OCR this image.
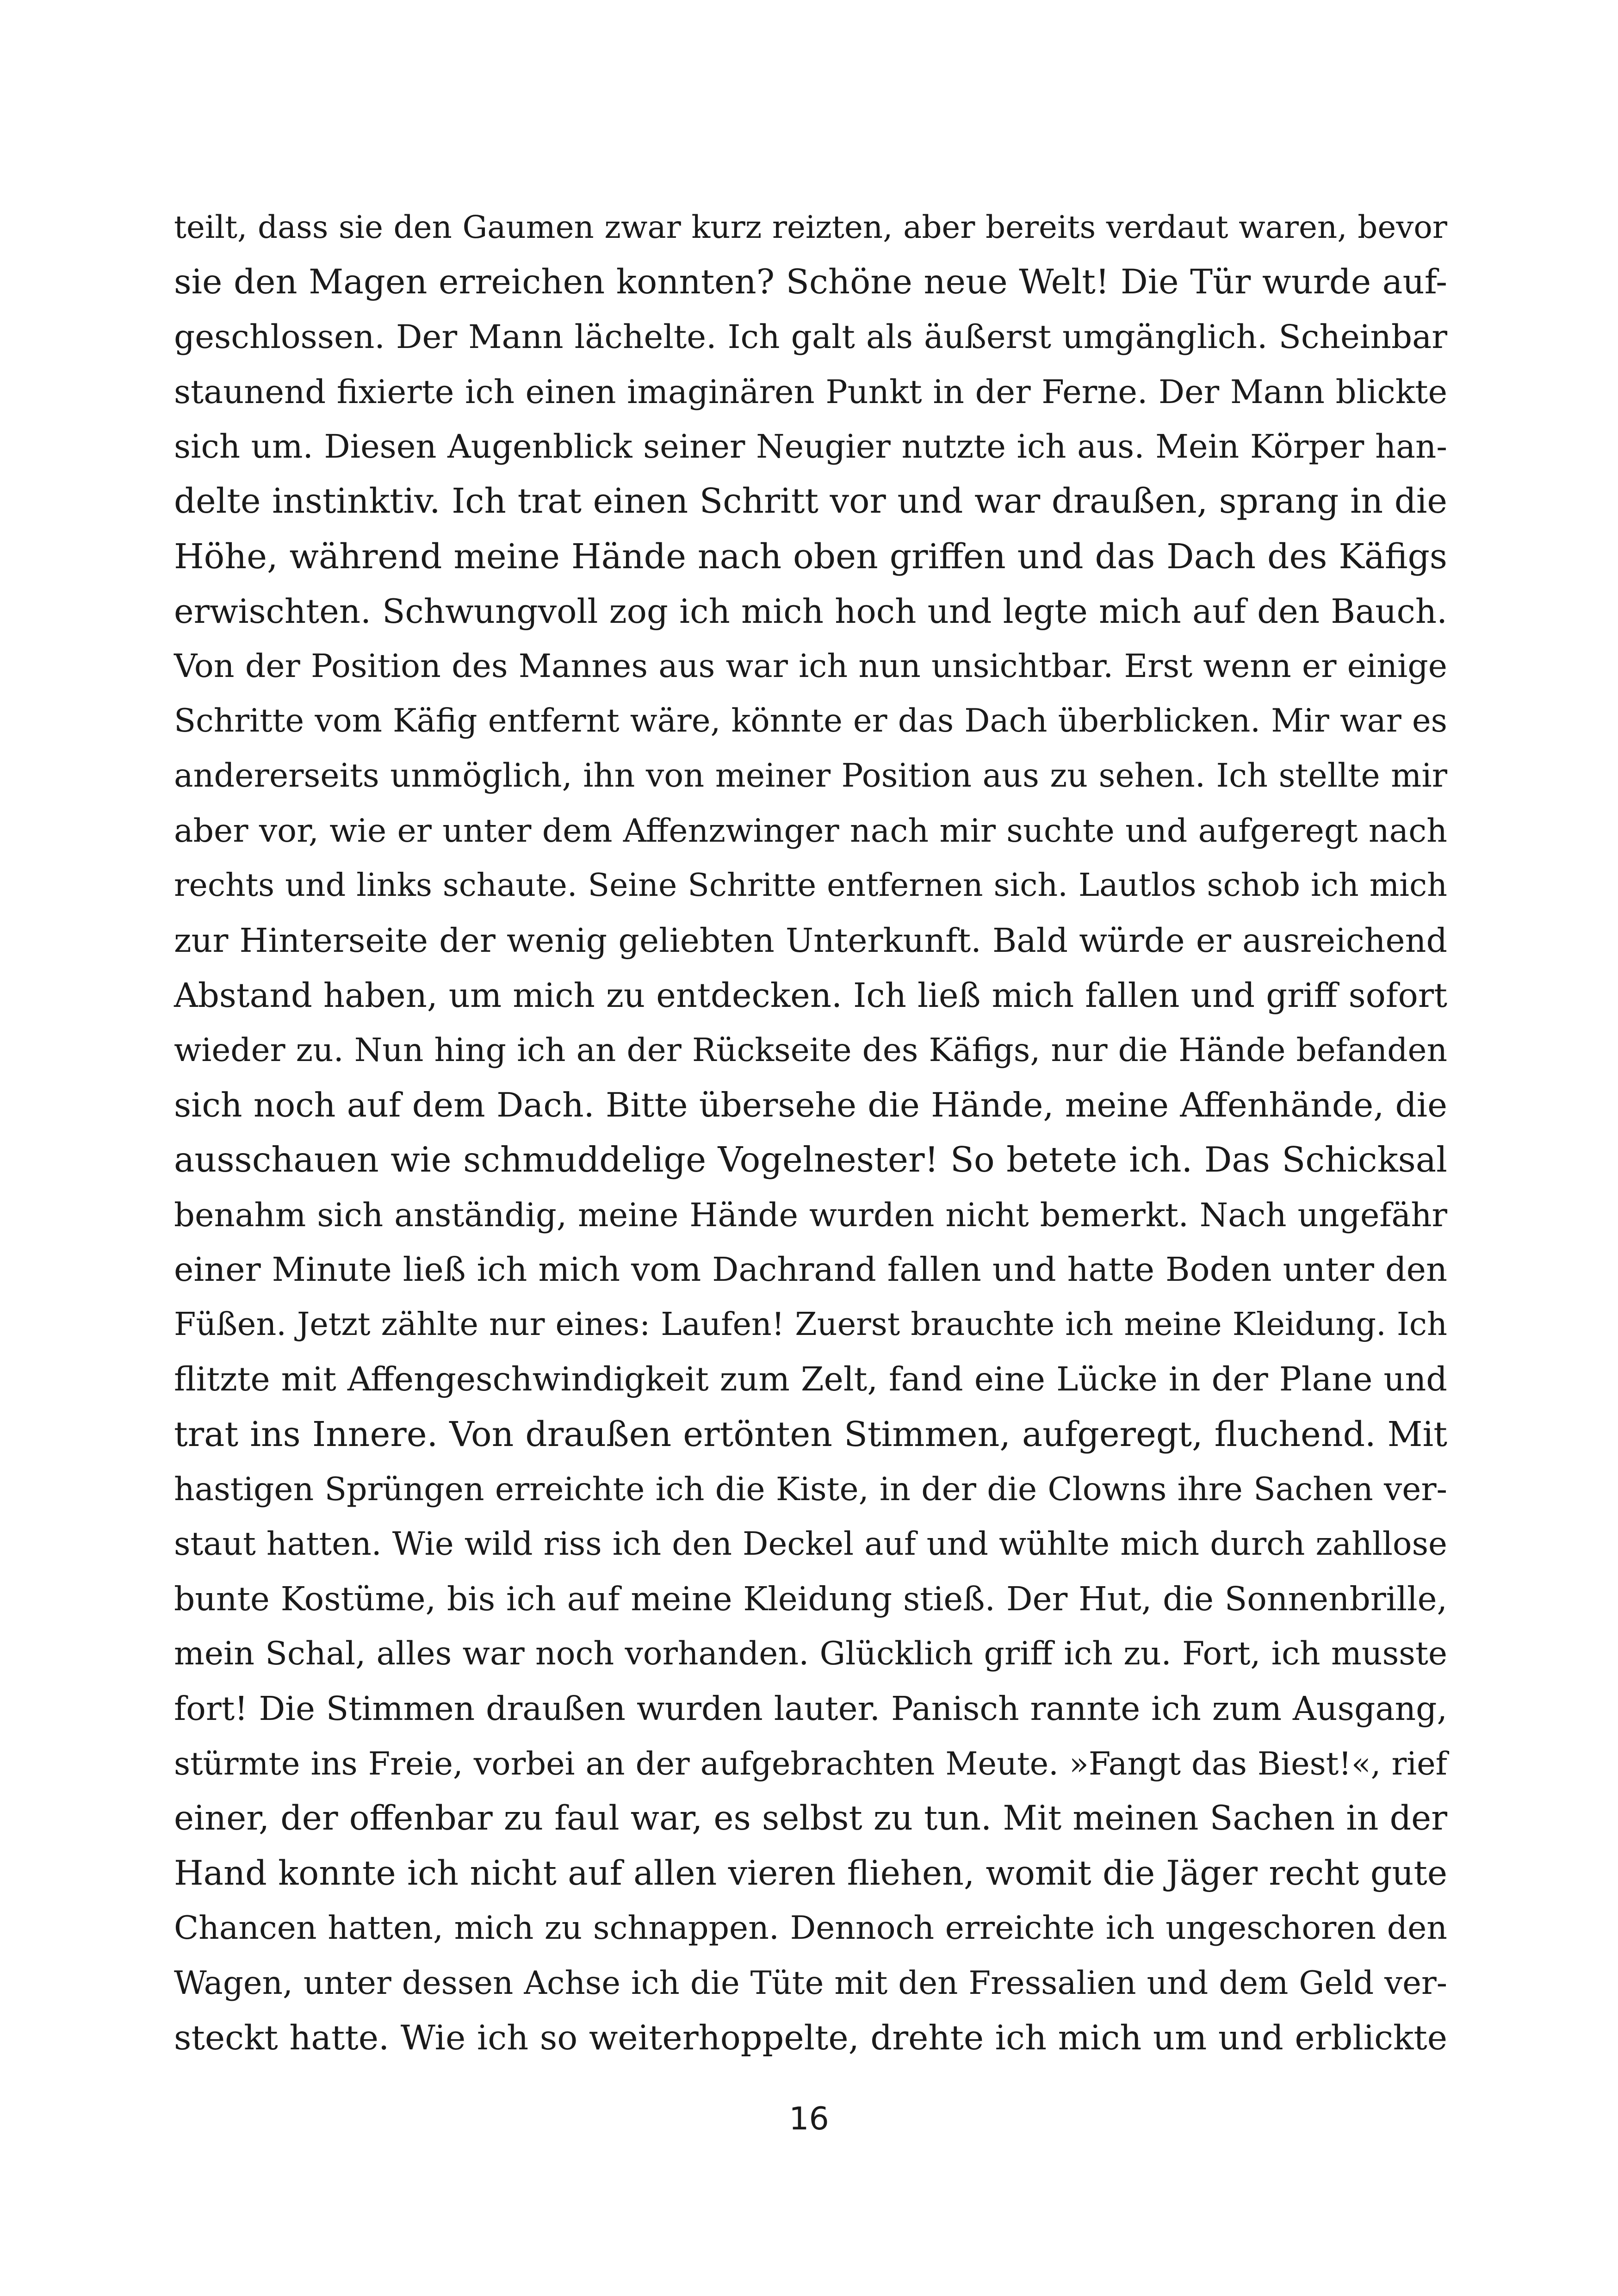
teilt, dass sie den Gaumen zwar kurz reizten, aber bereits verdaut waren, bevor
sie den Magen erreichen konnten? Schöne neue Welt! Die Tür wurde auf-
geschlossen. Der Mann lächelte. Ich galt als äußerst umgänglich. Scheinbar
staunend fixierte ich einen imaginären Punkt in der Ferne. Der Mann blickte
sich um. Diesen Augenblick seiner Neugier nutzte ich aus. Mein Körper han-
delte instinktiv. Ich trat einen Schritt vor und war draußen, sprang in die
Höhe, während meine Hände nach oben griffen und das Dach des Käfigs
erwischten. Schwungvoll zog ich mich hoch und legte mich auf den Bauch.
Von der Position des Mannes aus war ich nun unsichtbar. Erst wenn er einige
Schritte vom Käfig entfernt wäre, könnte er das Dach überblicken. Mir war es
andererseits unmöglich, ihn von meiner Position aus zu sehen. Ich stellte mir
aber vor, wie er unter dem Affenzwinger nach mir suchte und aufgeregt nach
rechts und links schaute. Seine Schritte entfernen sich. Lautlos schob ich mich
zur Hinterseite der wenig geliebten Unterkunft. Bald würde er ausreichend
Abstand haben, um mich zu entdecken. Ich ließ mich fallen und griff sofort
wieder zu. Nun hing ich an der Rückseite des Käfigs, nur die Hände befanden
sich noch auf dem Dach. Bitte übersehe die Hände, meine Affenhände, die
ausschauen wie schmuddelige Vogelnester! So betete ich. Das Schicksal
benahm sich anständig, meine Hände wurden nicht bemerkt. Nach ungefähr
einer Minute ließ ich mich vom Dachrand fallen und hatte Boden unter den
Füßen. Jetzt zählte nur eines: Laufen! Zuerst brauchte ich meine Kleidung. Ich
flitzte mit Affengeschwindigkeit zum Zelt, fand eine Lücke in der Plane und
trat ins Innere. Von draußen ertönten Stimmen, aufgeregt, fluchend. Mit
hastigen Sprüngen erreichte ich die Kiste, in der die Clowns ihre Sachen ver-
staut hatten. Wie wild riss ich den Deckel auf und wühlte mich durch zahllose
bunte Kostüme, bis ich auf meine Kleidung stieß. Der Hut, die Sonnenbrille,
mein Schal, alles war noch vorhanden. Glücklich griff ich zu. Fort, ich musste
fort! Die Stimmen draußen wurden lauter. Panisch rannte ich zum Ausgang,
stürmte ins Freie, vorbei an der aufgebrachten Meute. »Fangt das Biest!«, rief
einer, der offenbar zu faul war, es selbst zu tun. Mit meinen Sachen in der
Hand konnte ich nicht auf allen vieren fliehen, womit die Jäger recht gute
Chancen hatten, mich zu schnappen. Dennoch erreichte ich ungeschoren den
Wagen, unter dessen Achse ich die Tüte mit den Fressalien und dem Geld ver-
steckt hatte. Wie ich so weiterhoppelte, drehte ich mich um und erblickte
16
